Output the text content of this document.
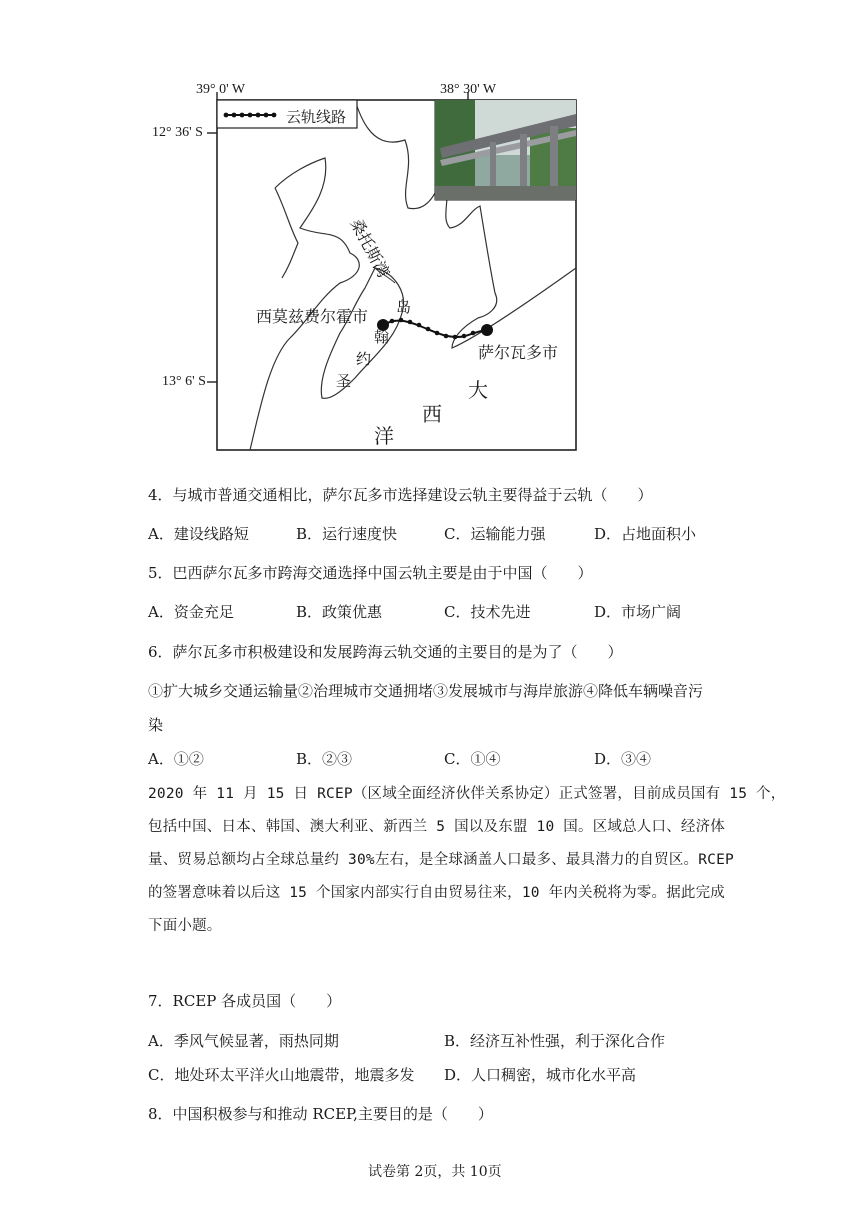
39° 0' W	38° 30' W
12° 36' S
13° 6' S
云轨线路
桑托斯湾
西莫兹费尔霍市
萨尔瓦多市
岛
翰
约
圣	大
西
洋
4．与城市普通交通相比，萨尔瓦多市选择建设云轨主要得益于云轨（　　）
A．建设线路短	B．运行速度快	C．运输能力强	D．占地面积小
5．巴西萨尔瓦多市跨海交通选择中国云轨主要是由于中国（　　）
A．资金充足	B．政策优惠	C．技术先进	D．市场广阔
6．萨尔瓦多市积极建设和发展跨海云轨交通的主要目的是为了（　　）
①扩大城乡交通运输量②治理城市交通拥堵③发展城市与海岸旅游④降低车辆噪音污
染
A．①②	B．②③	C．①④	D．③④
2020 年 11 月 15 日 RCEP（区域全面经济伙伴关系协定）正式签署，目前成员国有 15 个，
包括中国、日本、韩国、澳大利亚、新西兰 5 国以及东盟 10 国。区域总人口、经济体
量、贸易总额均占全球总量约 30%左右，是全球涵盖人口最多、最具潜力的自贸区。RCEP
的签署意味着以后这 15 个国家内部实行自由贸易往来，10 年内关税将为零。据此完成
下面小题。
7．RCEP 各成员国（　　）
A．季风气候显著，雨热同期	B．经济互补性强，利于深化合作
C．地处环太平洋火山地震带，地震多发 D．人口稠密，城市化水平高
8．中国积极参与和推动 RCEP,主要目的是（　　）
试卷第 2页，共 10页
